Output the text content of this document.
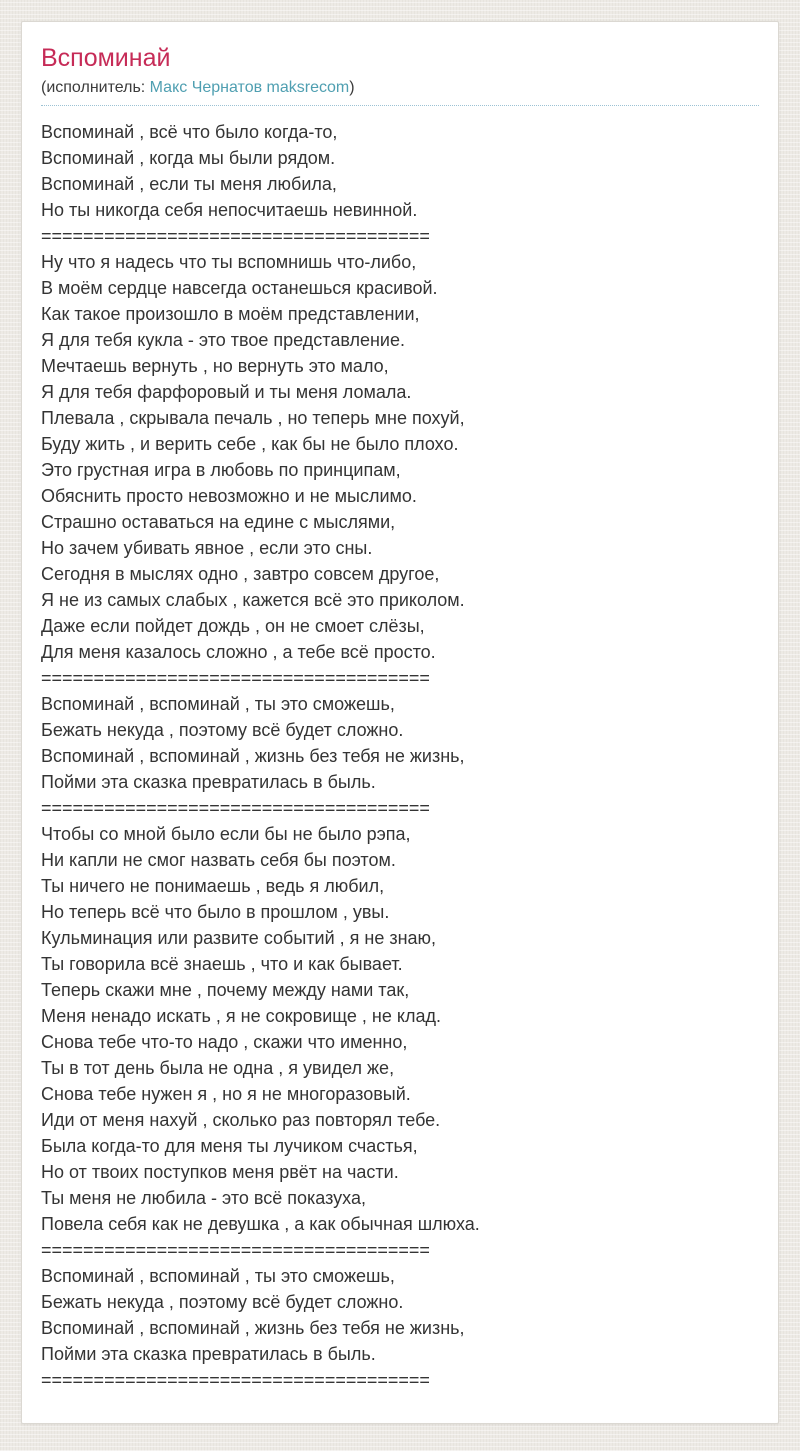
Вспоминай

(исполнитель: Макс Чернатов maksrecom)

Вспоминай , всё что было когда-то,

Вспоминай , когда мы были рядом.

Вспоминай , если ты меня любила,

Но ты никогда себя непосчитаешь невинной.

=====================================

Ну что я надесь что ты вспомнишь что-либо,

В моём сердце навсегда останешься красивой.

Как такое произошло в моём представлении,

Я для тебя кукла - это твое представление.

Мечтаешь вернуть , но вернуть это мало,

Я для тебя фарфоровый и ты меня ломала.

Плевала , скрывала печаль , но теперь мне похуй,

Буду жить , и верить себе , как бы не было плохо.

Это грустная игра в любовь по принципам,

Обяснить просто невозможно и не мыслимо.

Страшно оставаться на едине с мыслями,

Но зачем убивать явное , если это сны.

Сегодня в мыслях одно , завтро совсем другое,

Я не из самых слабых , кажется всё это приколом.

Даже если пойдет дождь , он не смоет слёзы,

Для меня казалось сложно , а тебе всё просто.

=====================================

Вспоминай , вспоминай , ты это сможешь,

Бежать некуда , поэтому всё будет сложно.

Вспоминай , вспоминай , жизнь без тебя не жизнь,

Пойми эта сказка превратилась в быль.

=====================================

Чтобы со мной было если бы не было рэпа,

Ни капли не смог назвать себя бы поэтом.

Ты ничего не понимаешь , ведь я любил,

Но теперь всё что было в прошлом , увы.

Кульминация или развите событий , я не знаю,

Ты говорила всё знаешь , что и как бывает.

Теперь скажи мне , почему между нами так,

Меня ненадо искать , я не сокровище , не клад.

Снова тебе что-то надо , скажи что именно,

Ты в тот день была не одна , я увидел же,

Снова тебе нужен я , но я не многоразовый.

Иди от меня нахуй , сколько раз повторял тебе.

Была когда-то для меня ты лучиком счастья,

Но от твоих поступков меня рвёт на части.

Ты меня не любила - это всё показуха,

Повела себя как не девушка , а как обычная шлюха.

=====================================

Вспоминай , вспоминай , ты это сможешь,

Бежать некуда , поэтому всё будет сложно.

Вспоминай , вспоминай , жизнь без тебя не жизнь,

Пойми эта сказка превратилась в быль.

=====================================
